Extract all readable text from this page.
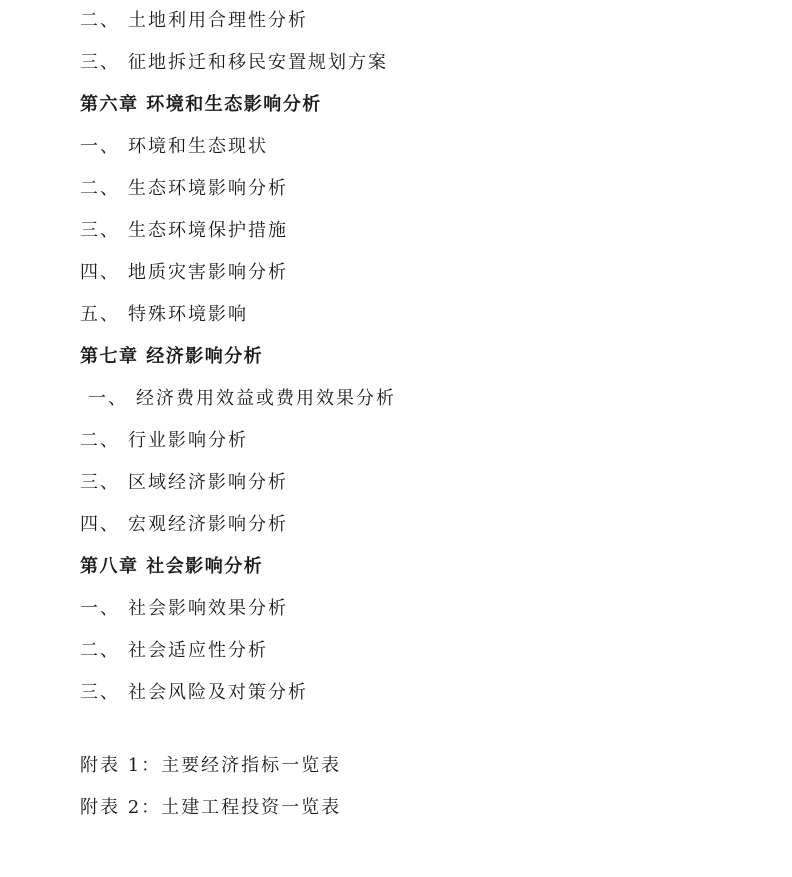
二、 土地利用合理性分析
三、 征地拆迁和移民安置规划方案
第六章 环境和生态影响分析
一、 环境和生态现状
二、 生态环境影响分析
三、 生态环境保护措施
四、 地质灾害影响分析
五、 特殊环境影响
第七章 经济影响分析
一、 经济费用效益或费用效果分析
二、 行业影响分析
三、 区域经济影响分析
四、 宏观经济影响分析
第八章 社会影响分析
一、 社会影响效果分析
二、 社会适应性分析
三、 社会风险及对策分析
附表 1：主要经济指标一览表
附表 2：土建工程投资一览表
